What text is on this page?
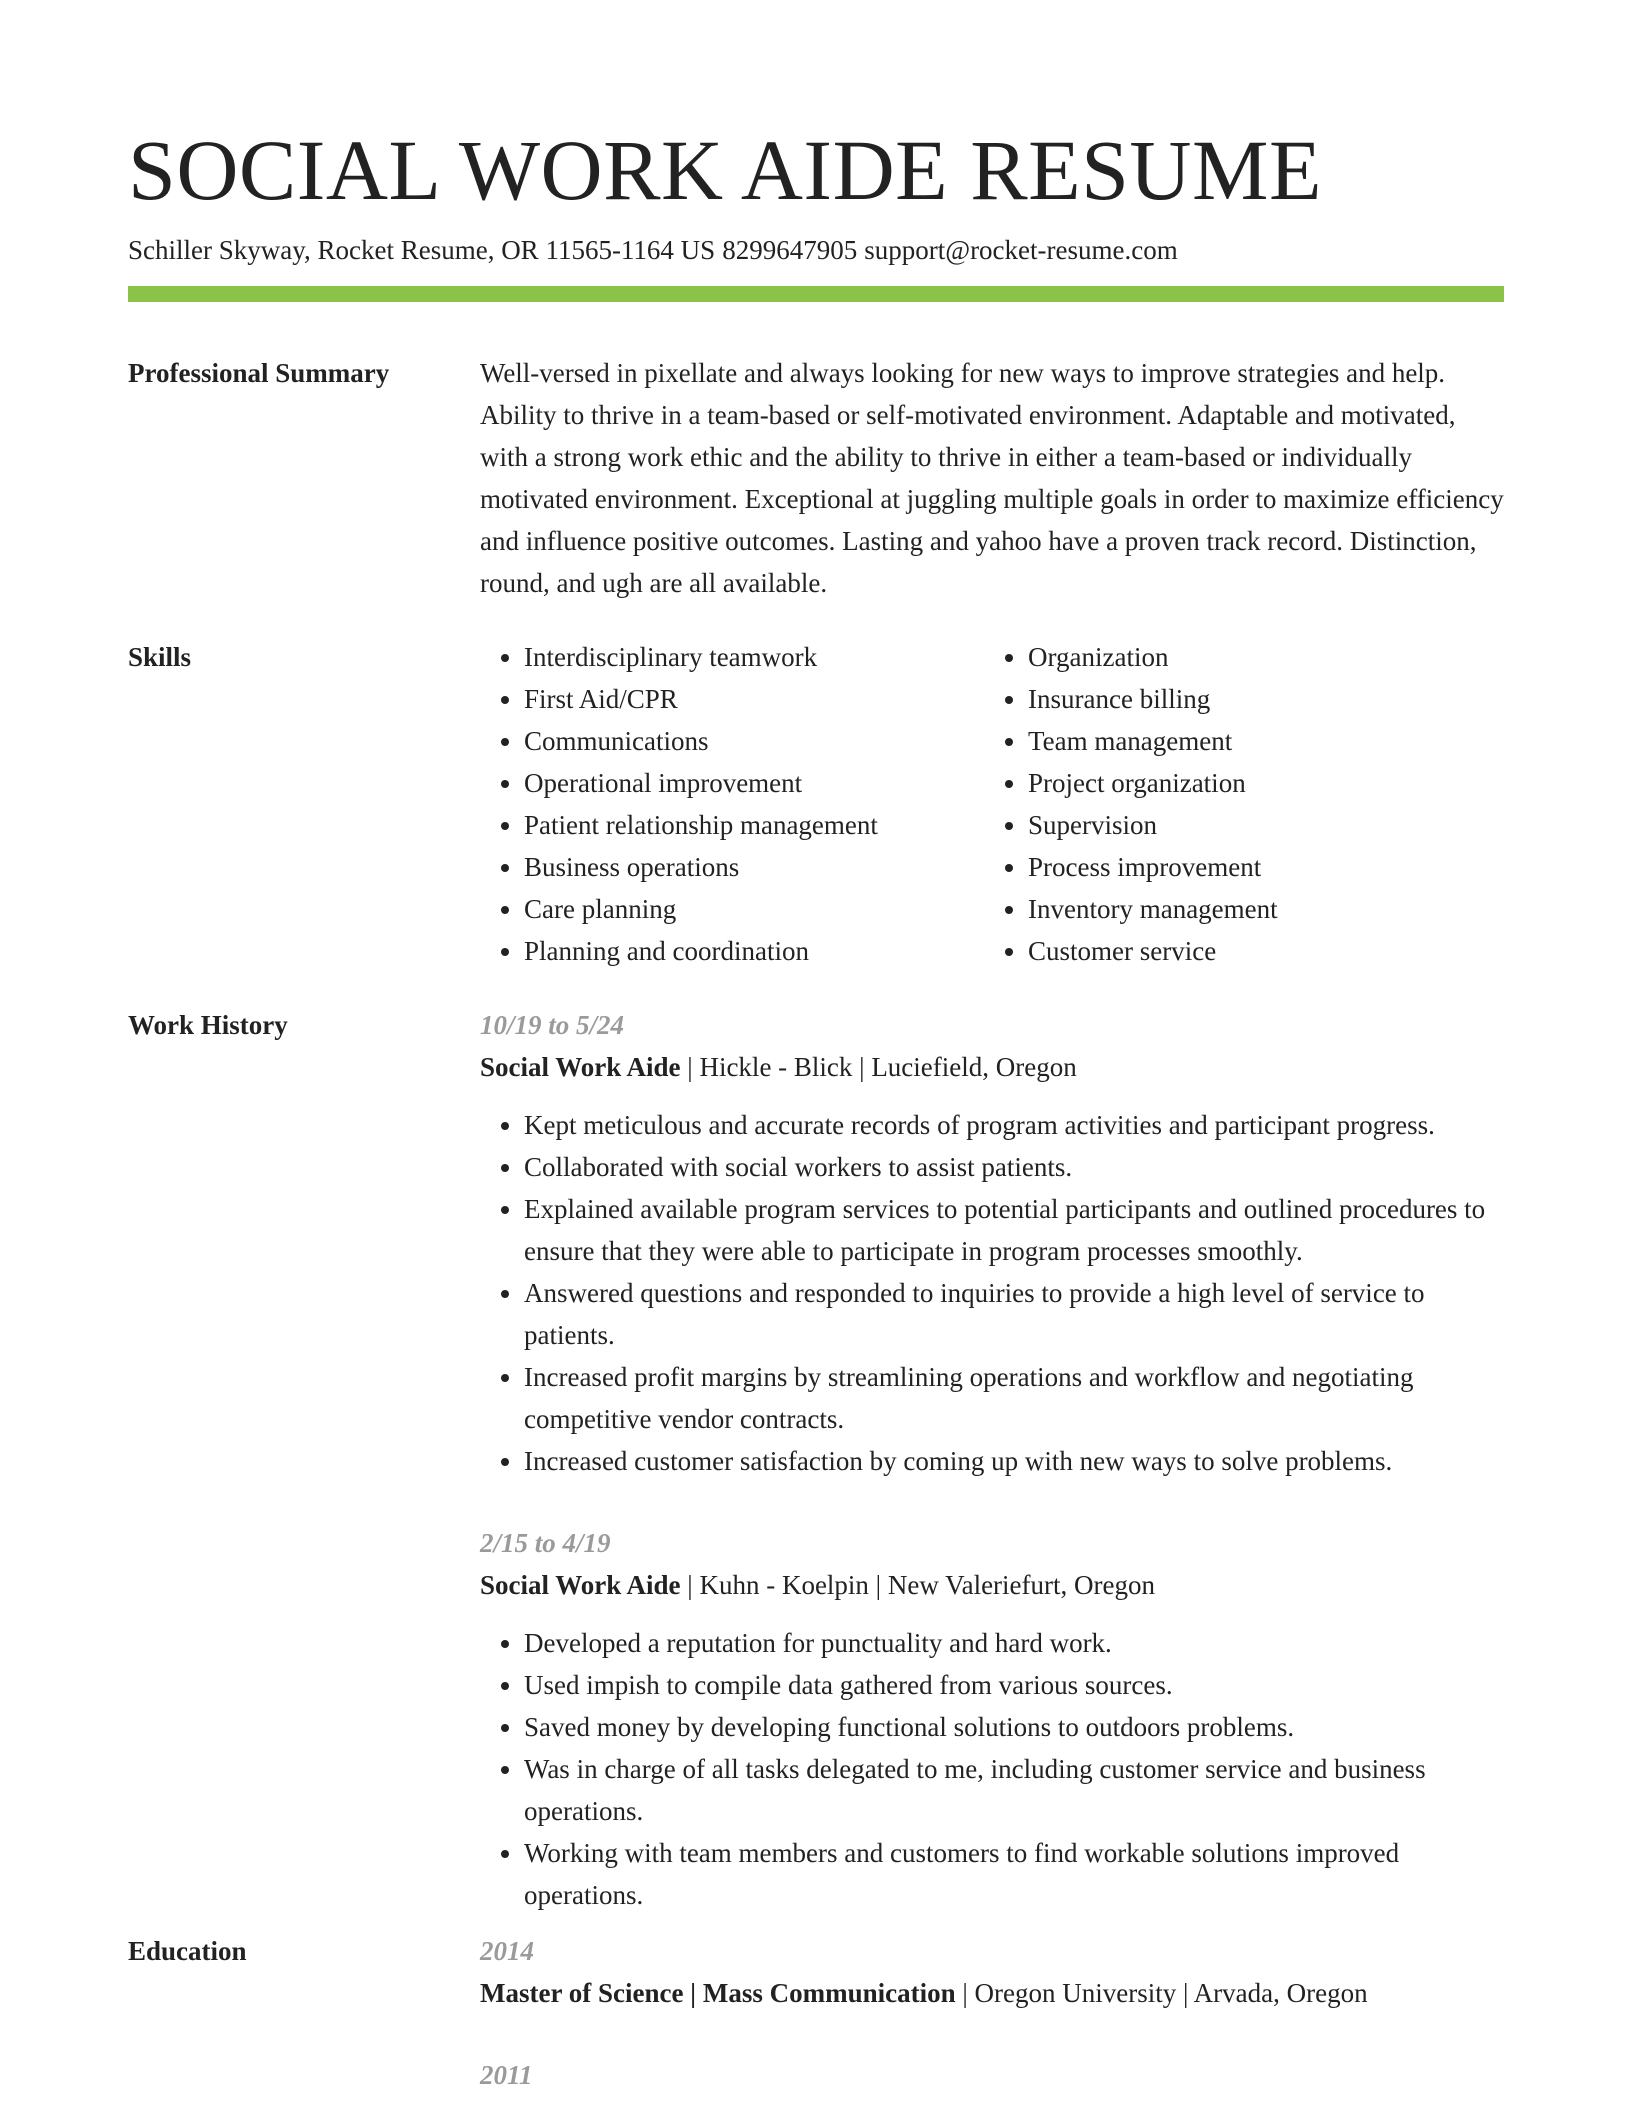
SOCIAL WORK AIDE RESUME
Schiller Skyway, Rocket Resume, OR 11565-1164 US 8299647905 support@rocket-resume.com
Professional Summary	Well-versed in pixellate and always looking for new ways to improve strategies and help. Ability to thrive in a team-based or self-motivated environment. Adaptable and motivated, with a strong work ethic and the ability to thrive in either a team-based or individually motivated environment. Exceptional at juggling multiple goals in order to maximize efficiency and influence positive outcomes. Lasting and yahoo have a proven track record. Distinction, round, and ugh are all available.

Skills
•	Interdisciplinary teamwork
• First Aid/CPR
• Communications
• Operational improvement
• Patient relationship management
• Business operations
• Care planning
• Planning and coordination
• Organization
• Insurance billing
• Team management
• Project organization
• Supervision
• Process improvement
• Inventory management
• Customer service
Work History	10/19 to 5/24
Social Work Aide | Hickle - Blick | Luciefield, Oregon
• Kept meticulous and accurate records of program activities and participant progress.
• Collaborated with social workers to assist patients.
• Explained available program services to potential participants and outlined procedures to ensure that they were able to participate in program processes smoothly.
• Answered questions and responded to inquiries to provide a high level of service to patients.
• Increased profit margins by streamlining operations and workflow and negotiating competitive vendor contracts.
• Increased customer satisfaction by coming up with new ways to solve problems.
2/15 to 4/19
Social Work Aide | Kuhn - Koelpin | New Valeriefurt, Oregon
• Developed a reputation for punctuality and hard work.
• Used impish to compile data gathered from various sources.
• Saved money by developing functional solutions to outdoors problems.
• Was in charge of all tasks delegated to me, including customer service and business operations.
• Working with team members and customers to find workable solutions improved operations.
Education	2014
Master of Science | Mass Communication | Oregon University | Arvada, Oregon
2011
